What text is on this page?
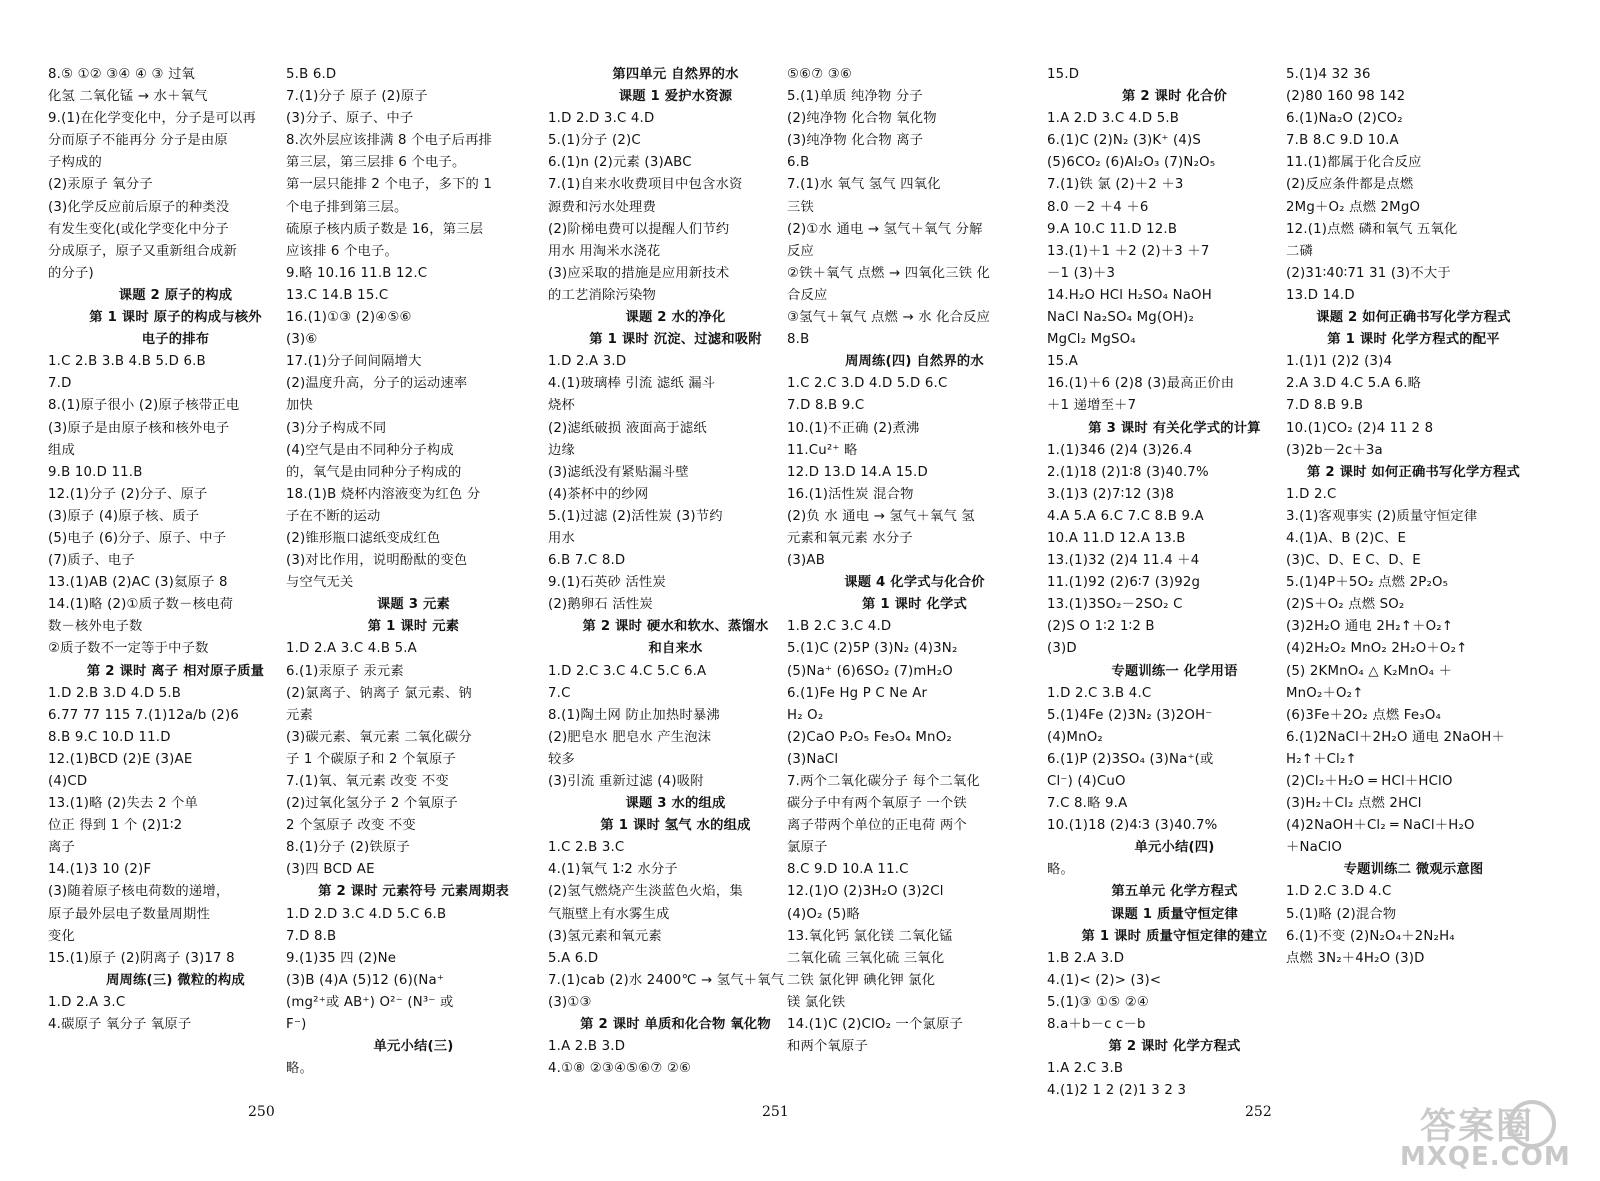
8.⑤ ①② ③④ ④ ③ 过氧
化氢 二氧化锰 → 水＋氧气
9.(1)在化学变化中，分子是可以再
分而原子不能再分 分子是由原
子构成的
(2)汞原子 氧分子
(3)化学反应前后原子的种类没
有发生变化(或化学变化中分子
分成原子，原子又重新组合成新
的分子)
课题 2 原子的构成
第 1 课时 原子的构成与核外
电子的排布
1.C 2.B 3.B 4.B 5.D 6.B
7.D
8.(1)原子很小 (2)原子核带正电
(3)原子是由原子核和核外电子
组成
9.B 10.D 11.B
12.(1)分子 (2)分子、原子
(3)原子 (4)原子核、质子
(5)电子 (6)分子、原子、中子
(7)质子、电子
13.(1)AB (2)AC (3)氦原子 8
14.(1)略 (2)①质子数－核电荷
数－核外电子数
②质子数不一定等于中子数
第 2 课时 离子 相对原子质量
1.D 2.B 3.D 4.D 5.B
6.77 77 115 7.(1)12a/b (2)6
8.B 9.C 10.D 11.D
12.(1)BCD (2)E (3)AE
(4)CD
13.(1)略 (2)失去 2 个单
位正 得到 1 个 (2)1∶2
离子
14.(1)3 10 (2)F
(3)随着原子核电荷数的递增，
原子最外层电子数量周期性
变化
15.(1)原子 (2)阴离子 (3)17 8
周周练(三) 微粒的构成
1.D 2.A 3.C
4.碳原子 氧分子 氧原子
5.B 6.D
7.(1)分子 原子 (2)原子
(3)分子、原子、中子
8.次外层应该排满 8 个电子后再排
第三层，第三层排 6 个电子。
第一层只能排 2 个电子，多下的 1
个电子排到第三层。
硫原子核内质子数是 16，第三层
应该排 6 个电子。
9.略 10.16 11.B 12.C
13.C 14.B 15.C
16.(1)①③ (2)④⑤⑥
(3)⑥
17.(1)分子间间隔增大
(2)温度升高，分子的运动速率
加快
(3)分子构成不同
(4)空气是由不同种分子构成
的，氧气是由同种分子构成的
18.(1)B 烧杯内溶液变为红色 分
子在不断的运动
(2)锥形瓶口滤纸变成红色
(3)对比作用，说明酚酞的变色
与空气无关
课题 3 元素
第 1 课时 元素
1.D 2.A 3.C 4.B 5.A
6.(1)汞原子 汞元素
(2)氯离子、钠离子 氯元素、钠
元素
(3)碳元素、氧元素 二氧化碳分
子 1 个碳原子和 2 个氧原子
7.(1)氧、氧元素 改变 不变
(2)过氧化氢分子 2 个氧原子
2 个氢原子 改变 不变
8.(1)分子 (2)铁原子
(3)四 BCD AE
第 2 课时 元素符号 元素周期表
1.D 2.D 3.C 4.D 5.C 6.B
7.D 8.B
9.(1)35 四 (2)Ne
(3)B (4)A (5)12 (6)(Na⁺
(mg²⁺或 AB⁺) O²⁻ (N³⁻ 或
F⁻)
单元小结(三)
略。
第四单元 自然界的水
课题 1 爱护水资源
1.D 2.D 3.C 4.D
5.(1)分子 (2)C
6.(1)n (2)元素 (3)ABC
7.(1)自来水收费项目中包含水资
源费和污水处理费
(2)阶梯电费可以提醒人们节约
用水 用淘米水浇花
(3)应采取的措施是应用新技术
的工艺消除污染物
课题 2 水的净化
第 1 课时 沉淀、过滤和吸附
1.D 2.A 3.D
4.(1)玻璃棒 引流 滤纸 漏斗
烧杯
(2)滤纸破损 液面高于滤纸
边缘
(3)滤纸没有紧贴漏斗壁
(4)茶杯中的纱网
5.(1)过滤 (2)活性炭 (3)节约
用水
6.B 7.C 8.D
9.(1)石英砂 活性炭
(2)鹅卵石 活性炭
第 2 课时 硬水和软水、蒸馏水
和自来水
1.D 2.C 3.C 4.C 5.C 6.A
7.C
8.(1)陶土网 防止加热时暴沸
(2)肥皂水 肥皂水 产生泡沫
较多
(3)引流 重新过滤 (4)吸附
课题 3 水的组成
第 1 课时 氢气 水的组成
1.C 2.B 3.C
4.(1)氧气 1∶2 水分子
(2)氢气燃烧产生淡蓝色火焰，集
气瓶壁上有水雾生成
(3)氢元素和氧元素
5.A 6.D
7.(1)cab (2)水 2400℃ → 氢气＋氧气
(3)①③
第 2 课时 单质和化合物 氧化物
1.A 2.B 3.D
4.①⑧ ②③④⑤⑥⑦ ②⑥
⑤⑥⑦ ③⑥
5.(1)单质 纯净物 分子
(2)纯净物 化合物 氧化物
(3)纯净物 化合物 离子
6.B
7.(1)水 氧气 氢气 四氧化
三铁
(2)①水 通电 → 氢气＋氧气 分解
反应
②铁＋氧气 点燃 → 四氧化三铁 化
合反应
③氢气＋氧气 点燃 → 水 化合反应
8.B
周周练(四) 自然界的水
1.C 2.C 3.D 4.D 5.D 6.C
7.D 8.B 9.C
10.(1)不正确 (2)煮沸
11.Cu²⁺ 略
12.D 13.D 14.A 15.D
16.(1)活性炭 混合物
(2)负 水 通电 → 氢气＋氧气 氢
元素和氧元素 水分子
(3)AB
课题 4 化学式与化合价
第 1 课时 化学式
1.B 2.C 3.C 4.D
5.(1)C (2)5P (3)N₂ (4)3N₂
(5)Na⁺ (6)6SO₂ (7)mH₂O
6.(1)Fe Hg P C Ne Ar
H₂ O₂
(2)CaO P₂O₅ Fe₃O₄ MnO₂
(3)NaCl
7.两个二氧化碳分子 每个二氧化
碳分子中有两个氧原子 一个铁
离子带两个单位的正电荷 两个
氯原子
8.C 9.D 10.A 11.C
12.(1)O (2)3H₂O (3)2Cl
(4)O₂ (5)略
13.氧化钙 氯化镁 二氧化锰
二氧化硫 三氧化硫 三氧化
二铁 氯化钾 碘化钾 氯化
镁 氯化铁
14.(1)C (2)ClO₂ 一个氯原子
和两个氧原子
15.D
第 2 课时 化合价
1.A 2.D 3.C 4.D 5.B
6.(1)C (2)N₂ (3)K⁺ (4)S
(5)6CO₂ (6)Al₂O₃ (7)N₂O₅
7.(1)铁 氯 (2)＋2 ＋3
8.0 －2 ＋4 ＋6
9.A 10.C 11.D 12.B
13.(1)＋1 ＋2 (2)＋3 ＋7
－1 (3)＋3
14.H₂O HCl H₂SO₄ NaOH
NaCl Na₂SO₄ Mg(OH)₂
MgCl₂ MgSO₄
15.A
16.(1)＋6 (2)8 (3)最高正价由
＋1 递增至＋7
第 3 课时 有关化学式的计算
1.(1)346 (2)4 (3)26.4
2.(1)18 (2)1∶8 (3)40.7%
3.(1)3 (2)7∶12 (3)8
4.A 5.A 6.C 7.C 8.B 9.A
10.A 11.D 12.A 13.B
13.(1)32 (2)4 11.4 ＋4
11.(1)92 (2)6∶7 (3)92g
13.(1)3SO₂－2SO₂ C
(2)S O 1∶2 1∶2 B
(3)D
专题训练一 化学用语
1.D 2.C 3.B 4.C
5.(1)4Fe (2)3N₂ (3)2OH⁻
(4)MnO₂
6.(1)P (2)3SO₄ (3)Na⁺(或
Cl⁻) (4)CuO
7.C 8.略 9.A
10.(1)18 (2)4∶3 (3)40.7%
单元小结(四)
略。
第五单元 化学方程式
课题 1 质量守恒定律
第 1 课时 质量守恒定律的建立
1.B 2.A 3.D
4.(1)< (2)> (3)<
5.(1)③ ①⑤ ②④
8.a＋b－c c－b
第 2 课时 化学方程式
1.A 2.C 3.B
4.(1)2 1 2 (2)1 3 2 3
5.(1)4 32 36
(2)80 160 98 142
6.(1)Na₂O (2)CO₂
7.B 8.C 9.D 10.A
11.(1)都属于化合反应
(2)反应条件都是点燃
2Mg＋O₂ 点燃 2MgO
12.(1)点燃 磷和氧气 五氧化
二磷
(2)31∶40∶71 31 (3)不大于
13.D 14.D
课题 2 如何正确书写化学方程式
第 1 课时 化学方程式的配平
1.(1)1 (2)2 (3)4
2.A 3.D 4.C 5.A 6.略
7.D 8.B 9.B
10.(1)CO₂ (2)4 11 2 8
(3)2b－2c＋3a
第 2 课时 如何正确书写化学方程式
1.D 2.C
3.(1)客观事实 (2)质量守恒定律
4.(1)A、B (2)C、E
(3)C、D、E C、D、E
5.(1)4P＋5O₂ 点燃 2P₂O₅
(2)S＋O₂ 点燃 SO₂
(3)2H₂O 通电 2H₂↑＋O₂↑
(4)2H₂O₂ MnO₂ 2H₂O＋O₂↑
(5) 2KMnO₄ △ K₂MnO₄ ＋
MnO₂＋O₂↑
(6)3Fe＋2O₂ 点燃 Fe₃O₄
6.(1)2NaCl＋2H₂O 通电 2NaOH＋
H₂↑＋Cl₂↑
(2)Cl₂＋H₂O ═ HCl＋HClO
(3)H₂＋Cl₂ 点燃 2HCl
(4)2NaOH＋Cl₂ ═ NaCl＋H₂O
＋NaClO
专题训练二 微观示意图
1.D 2.C 3.D 4.C
5.(1)略 (2)混合物
6.(1)不变 (2)N₂O₄＋2N₂H₄
点燃 3N₂＋4H₂O (3)D
250	251	252	答案圈
MXQE.COM
